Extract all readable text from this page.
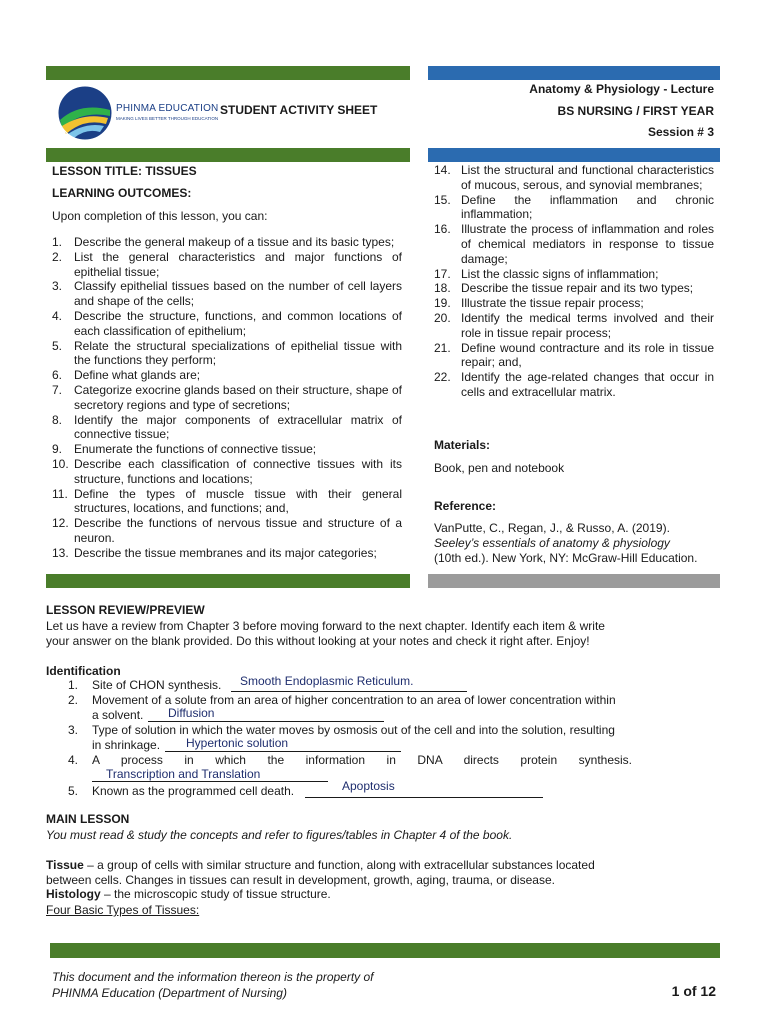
PHINMA EDUCATION
MAKING LIVES BETTER THROUGH EDUCATION
STUDENT ACTIVITY SHEET
Anatomy & Physiology - Lecture
BS NURSING / FIRST YEAR
Session # 3
LESSON TITLE: TISSUES
LEARNING OUTCOMES:
Upon completion of this lesson, you can:
1. Describe the general makeup of a tissue and its basic types;
2. List the general characteristics and major functions of epithelial tissue;
3. Classify epithelial tissues based on the number of cell layers and shape of the cells;
4. Describe the structure, functions, and common locations of each classification of epithelium;
5. Relate the structural specializations of epithelial tissue with the functions they perform;
6. Define what glands are;
7. Categorize exocrine glands based on their structure, shape of secretory regions and type of secretions;
8. Identify the major components of extracellular matrix of connective tissue;
9. Enumerate the functions of connective tissue;
10. Describe each classification of connective tissues with its structure, functions and locations;
11. Define the types of muscle tissue with their general structures, locations, and functions; and,
12. Describe the functions of nervous tissue and structure of a neuron.
13. Describe the tissue membranes and its major categories;
14. List the structural and functional characteristics of mucous, serous, and synovial membranes;
15. Define the inflammation and chronic inflammation;
16. Illustrate the process of inflammation and roles of chemical mediators in response to tissue damage;
17. List the classic signs of inflammation;
18. Describe the tissue repair and its two types;
19. Illustrate the tissue repair process;
20. Identify the medical terms involved and their role in tissue repair process;
21. Define wound contracture and its role in tissue repair; and,
22. Identify the age-related changes that occur in cells and extracellular matrix.
Materials:
Book, pen and notebook
Reference:
VanPutte, C., Regan, J., & Russo, A. (2019).
Seeley’s essentials of anatomy & physiology
(10th ed.). New York, NY: McGraw-Hill Education.
LESSON REVIEW/PREVIEW
Let us have a review from Chapter 3 before moving forward to the next chapter. Identify each item & write
your answer on the blank provided. Do this without looking at your notes and check it right after. Enjoy!
Identification
1. Site of CHON synthesis. Smooth Endoplasmic Reticulum.
2. Movement of a solute from an area of higher concentration to an area of lower concentration within
a solvent. Diffusion
3. Type of solution in which the water moves by osmosis out of the cell and into the solution, resulting
in shrinkage. Hypertonic solution
4. A process in which the information in DNA directs protein synthesis.
Transcription and Translation
5. Known as the programmed cell death.	Apoptosis
MAIN LESSON
You must read & study the concepts and refer to figures/tables in Chapter 4 of the book.
Tissue – a group of cells with similar structure and function, along with extracellular substances located
between cells. Changes in tissues can result in development, growth, aging, trauma, or disease.
Histology – the microscopic study of tissue structure.
Four Basic Types of Tissues:
This document and the information thereon is the property of
PHINMA Education (Department of Nursing)	1 of 12
